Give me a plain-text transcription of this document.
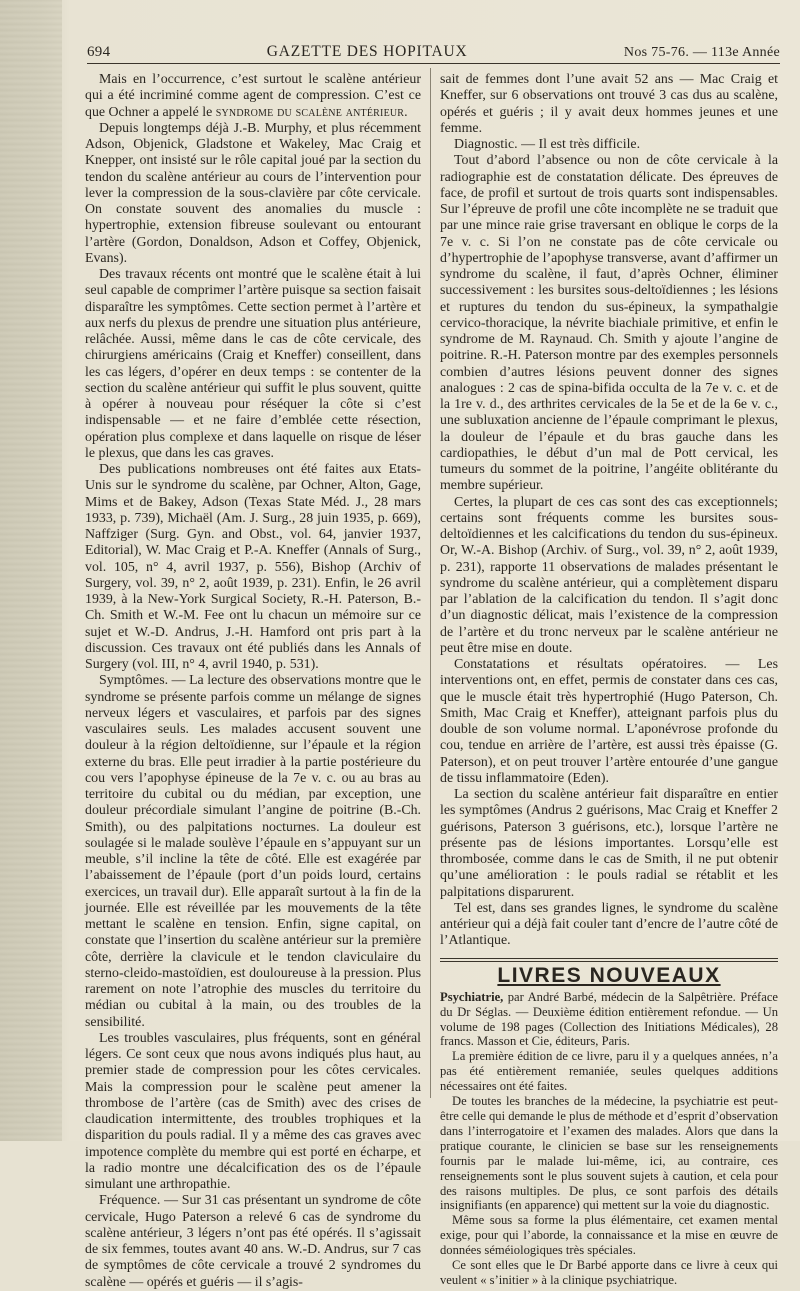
694	GAZETTE DES HOPITAUX	Nos 75-76. — 113e Année

Mais en l’occurrence, c’est surtout le scalène antérieur qui a été incriminé comme agent de compression. C’est ce que Ochner a appelé le syndrome du scalène antérieur.

Depuis longtemps déjà J.-B. Murphy, et plus récemment Adson, Objenick, Gladstone et Wakeley, Mac Craig et Knepper, ont insisté sur le rôle capital joué par la section du tendon du scalène antérieur au cours de l’intervention pour lever la compression de la sous-clavière par côte cervicale. On constate souvent des anomalies du muscle : hypertrophie, extension fibreuse soulevant ou entourant l’artère (Gordon, Donaldson, Adson et Coffey, Objenick, Evans).

Des travaux récents ont montré que le scalène était à lui seul capable de comprimer l’artère puisque sa section faisait disparaître les symptômes. Cette section permet à l’artère et aux nerfs du plexus de prendre une situation plus antérieure, relâchée. Aussi, même dans le cas de côte cervicale, des chirurgiens américains (Craig et Kneffer) conseillent, dans les cas légers, d’opérer en deux temps : se contenter de la section du scalène antérieur qui suffit le plus souvent, quitte à opérer à nouveau pour réséquer la côte si c’est indispensable — et ne faire d’emblée cette résection, opération plus complexe et dans laquelle on risque de léser le plexus, que dans les cas graves.

Des publications nombreuses ont été faites aux Etats-Unis sur le syndrome du scalène, par Ochner, Alton, Gage, Mims et de Bakey, Adson (Texas State Méd. J., 28 mars 1933, p. 739), Michaël (Am. J. Surg., 28 juin 1935, p. 669), Naffziger (Surg. Gyn. and Obst., vol. 64, janvier 1937, Editorial), W. Mac Craig et P.-A. Kneffer (Annals of Surg., vol. 105, n° 4, avril 1937, p. 556), Bishop (Archiv of Surgery, vol. 39, n° 2, août 1939, p. 231). Enfin, le 26 avril 1939, à la New-York Surgical Society, R.-H. Paterson, B.-Ch. Smith et W.-M. Fee ont lu chacun un mémoire sur ce sujet et W.-D. Andrus, J.-H. Hamford ont pris part à la discussion. Ces travaux ont été publiés dans les Annals of Surgery (vol. III, n° 4, avril 1940, p. 531).

Symptômes. — La lecture des observations montre que le syndrome se présente parfois comme un mélange de signes nerveux légers et vasculaires, et parfois par des signes vasculaires seuls. Les malades accusent souvent une douleur à la région deltoïdienne, sur l’épaule et la région externe du bras. Elle peut irradier à la partie postérieure du cou vers l’apophyse épineuse de la 7e v. c. ou au bras au territoire du cubital ou du médian, par exception, une douleur précordiale simulant l’angine de poitrine (B.-Ch. Smith), ou des palpitations nocturnes. La douleur est soulagée si le malade soulève l’épaule en s’appuyant sur un meuble, s’il incline la tête de côté. Elle est exagérée par l’abaissement de l’épaule (port d’un poids lourd, certains exercices, un travail dur). Elle apparaît surtout à la fin de la journée. Elle est réveillée par les mouvements de la tête mettant le scalène en tension. Enfin, signe capital, on constate que l’insertion du scalène antérieur sur la première côte, derrière la clavicule et le tendon claviculaire du sterno-cleido-mastoïdien, est douloureuse à la pression. Plus rarement on note l’atrophie des muscles du territoire du médian ou cubital à la main, ou des troubles de la sensibilité.

Les troubles vasculaires, plus fréquents, sont en général légers. Ce sont ceux que nous avons indiqués plus haut, au premier stade de compression pour les côtes cervicales. Mais la compression pour le scalène peut amener la thrombose de l’artère (cas de Smith) avec des crises de claudication intermittente, des troubles trophiques et la disparition du pouls radial. Il y a même des cas graves avec impotence complète du membre qui est porté en écharpe, et la radio montre une décalcification des os de l’épaule simulant une arthropathie.

Fréquence. — Sur 31 cas présentant un syndrome de côte cervicale, Hugo Paterson a relevé 6 cas de syndrome du scalène antérieur, 3 légers n’ont pas été opérés. Il s’agissait de six femmes, toutes avant 40 ans. W.-D. Andrus, sur 7 cas de symptômes de côte cervicale a trouvé 2 syndromes du scalène — opérés et guéris — il s’agis-

sait de femmes dont l’une avait 52 ans — Mac Craig et Kneffer, sur 6 observations ont trouvé 3 cas dus au scalène, opérés et guéris ; il y avait deux hommes jeunes et une femme.

Diagnostic. — Il est très difficile.

Tout d’abord l’absence ou non de côte cervicale à la radiographie est de constatation délicate. Des épreuves de face, de profil et surtout de trois quarts sont indispensables. Sur l’épreuve de profil une côte incomplète ne se traduit que par une mince raie grise traversant en oblique le corps de la 7e v. c. Si l’on ne constate pas de côte cervicale ou d’hypertrophie de l’apophyse transverse, avant d’affirmer un syndrome du scalène, il faut, d’après Ochner, éliminer successivement : les bursites sous-deltoïdiennes ; les lésions et ruptures du tendon du sus-épineux, la sympathalgie cervico-thoracique, la névrite biachiale primitive, et enfin le syndrome de M. Raynaud. Ch. Smith y ajoute l’angine de poitrine. R.-H. Paterson montre par des exemples personnels combien d’autres lésions peuvent donner des signes analogues : 2 cas de spina-bifida occulta de la 7e v. c. et de la 1re v. d., des arthrites cervicales de la 5e et de la 6e v. c., une subluxation ancienne de l’épaule comprimant le plexus, la douleur de l’épaule et du bras gauche dans les cardiopathies, le début d’un mal de Pott cervical, les tumeurs du sommet de la poitrine, l’angéite oblitérante du membre supérieur.

Certes, la plupart de ces cas sont des cas exceptionnels; certains sont fréquents comme les bursites sous-deltoïdiennes et les calcifications du tendon du sus-épineux. Or, W.-A. Bishop (Archiv. of Surg., vol. 39, n° 2, août 1939, p. 231), rapporte 11 observations de malades présentant le syndrome du scalène antérieur, qui a complètement disparu par l’ablation de la calcification du tendon. Il s’agit donc d’un diagnostic délicat, mais l’existence de la compression de l’artère et du tronc nerveux par le scalène antérieur ne peut être mise en doute.

Constatations et résultats opératoires. — Les interventions ont, en effet, permis de constater dans ces cas, que le muscle était très hypertrophié (Hugo Paterson, Ch. Smith, Mac Craig et Kneffer), atteignant parfois plus du double de son volume normal. L’aponévrose profonde du cou, tendue en arrière de l’artère, est aussi très épaisse (G. Paterson), et on peut trouver l’artère entourée d’une gangue de tissu inflammatoire (Eden).

La section du scalène antérieur fait disparaître en entier les symptômes (Andrus 2 guérisons, Mac Craig et Kneffer 2 guérisons, Paterson 3 guérisons, etc.), lorsque l’artère ne présente pas de lésions importantes. Lorsqu’elle est thrombosée, comme dans le cas de Smith, il ne put obtenir qu’une amélioration : le pouls radial se rétablit et les palpitations disparurent.

Tel est, dans ses grandes lignes, le syndrome du scalène antérieur qui a déjà fait couler tant d’encre de l’autre côté de l’Atlantique.

LIVRES NOUVEAUX

Psychiatrie, par André Barbé, médecin de la Salpêtrière. Préface du Dr Séglas. — Deuxième édition entièrement refondue. — Un volume de 198 pages (Collection des Initiations Médicales), 28 francs. Masson et Cie, éditeurs, Paris.

La première édition de ce livre, paru il y a quelques années, n’a pas été entièrement remaniée, seules quelques additions nécessaires ont été faites.

De toutes les branches de la médecine, la psychiatrie est peut-être celle qui demande le plus de méthode et d’esprit d’observation dans l’interrogatoire et l’examen des malades. Alors que dans la pratique courante, le clinicien se base sur les renseignements fournis par le malade lui-même, ici, au contraire, ces renseignements sont le plus souvent sujets à caution, et cela pour des raisons multiples. De plus, ce sont parfois des détails insignifiants (en apparence) qui mettent sur la voie du diagnostic.

Même sous sa forme la plus élémentaire, cet examen mental exige, pour qui l’aborde, la connaissance et la mise en œuvre de données séméiologiques très spéciales.

Ce sont elles que le Dr Barbé apporte dans ce livre à ceux qui veulent « s’initier » à la clinique psychiatrique.
